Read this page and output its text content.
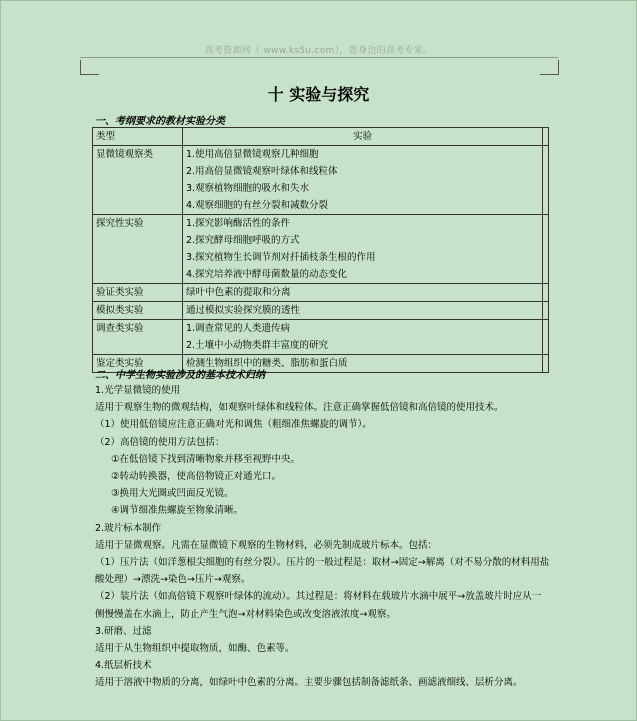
高考资源网（ www.ks5u.com），您身边的高考专家。
十 实验与探究
一、考纲要求的教材实验分类
类型	实验	
显微镜观察类	1.使用高倍显微镜观察几种细胞
2.用高倍显微镜观察叶绿体和线粒体
3.观察植物细胞的吸水和失水
4.观察细胞的有丝分裂和减数分裂	

探究性实验	1.探究影响酶活性的条件
2.探究酵母细胞呼吸的方式
3.探究植物生长调节剂对扦插枝条生根的作用
4.探究培养液中酵母菌数量的动态变化	

验证类实验	绿叶中色素的提取和分离	

模拟类实验	通过模拟实验探究膜的透性	

调查类实验	1.调查常见的人类遗传病
2.土壤中小动物类群丰富度的研究	

鉴定类实验	检测生物组织中的糖类、脂肪和蛋白质	

二、中学生物实验涉及的基本技术归纳
1.光学显微镜的使用
适用于观察生物的微观结构，如观察叶绿体和线粒体。注意正确掌握低倍镜和高倍镜的使用技术。
（1）使用低倍镜应注意正确对光和调焦（粗细准焦螺旋的调节）。
（2）高倍镜的使用方法包括：
①在低倍镜下找到清晰物象并移至视野中央。
②转动转换器，使高倍物镜正对通光口。
③换用大光圈或凹面反光镜。
④调节细准焦螺旋至物象清晰。
2.玻片标本制作
适用于显微观察。凡需在显微镜下观察的生物材料，必须先制成玻片标本。包括：
（1）压片法（如洋葱根尖细胞的有丝分裂）。压片的一般过程是：取材→固定→解离（对不易分散的材料用盐酸处理）→漂洗→染色→压片→观察。
（2）装片法（如高倍镜下观察叶绿体的流动）。其过程是：将材料在载玻片水滴中展平→放盖玻片时应从一侧慢慢盖在水滴上，防止产生气泡→对材料染色或改变溶液浓度→观察。
3.研磨、过滤
适用于从生物组织中提取物质，如酶、色素等。
4.纸层析技术
适用于溶液中物质的分离，如绿叶中色素的分离。主要步骤包括制备滤纸条、画滤液细线、层析分离。
